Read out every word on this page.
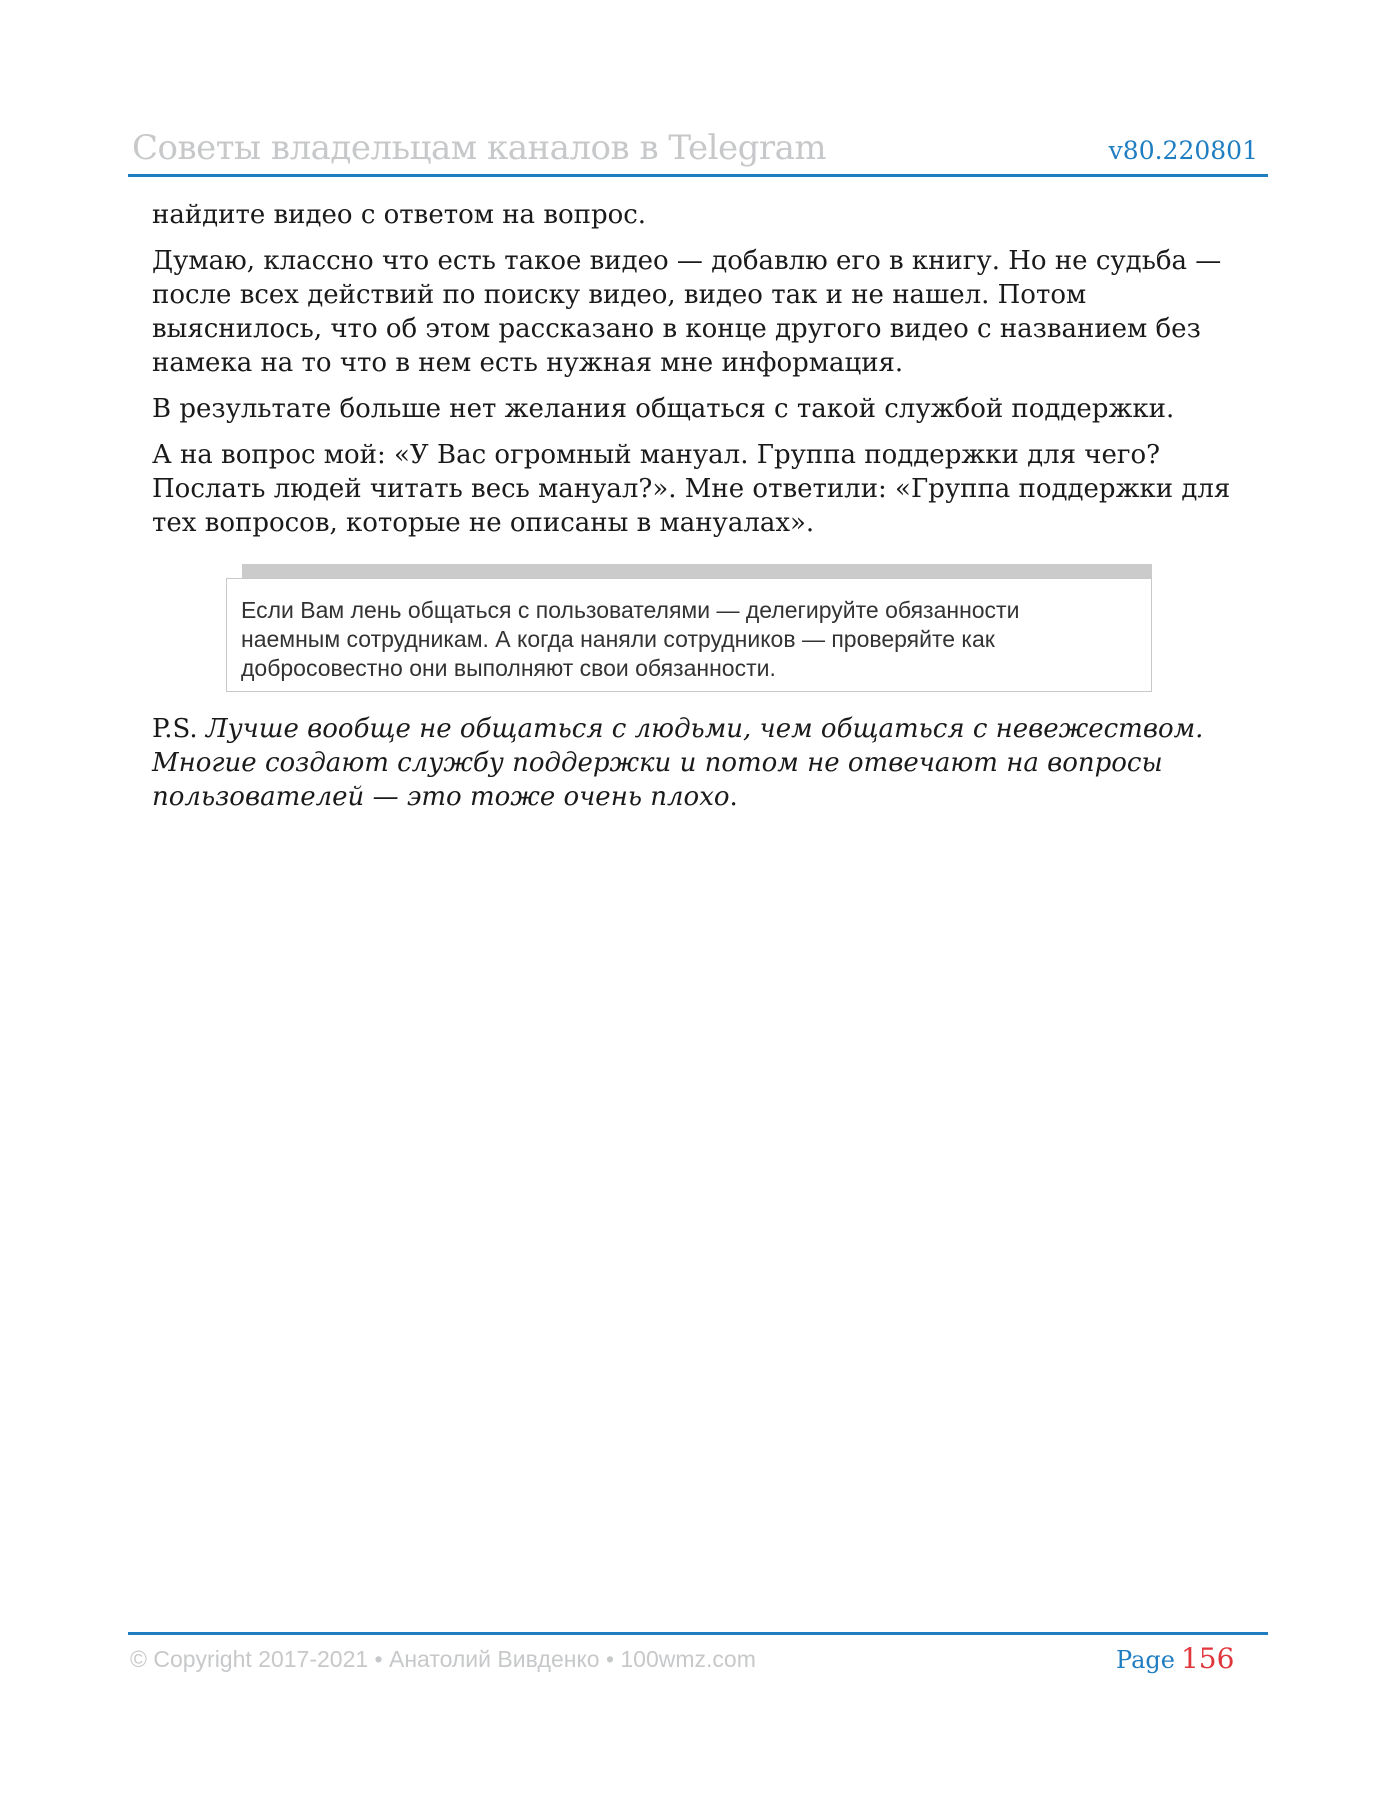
Советы владельцам каналов в Telegram	v80.220801

найдите видео с ответом на вопрос.

Думаю, классно что есть такое видео — добавлю его в книгу. Но не судьба —
после всех действий по поиску видео, видео так и не нашел. Потом
выяснилось, что об этом рассказано в конце другого видео с названием без
намека на то что в нем есть нужная мне информация.

В результате больше нет желания общаться с такой службой поддержки.

А на вопрос мой: «У Вас огромный мануал. Группа поддержки для чего?
Послать людей читать весь мануал?». Мне ответили: «Группа поддержки для
тех вопросов, которые не описаны в мануалах».

Если Вам лень общаться с пользователями — делегируйте обязанности
наемным сотрудникам. А когда наняли сотрудников — проверяйте как
добросовестно они выполняют свои обязанности.

P.S. Лучше вообще не общаться с людьми, чем общаться с невежеством.
Многие создают службу поддержки и потом не отвечают на вопросы
пользователей — это тоже очень плохо.

© Copyright 2017-2021 • Анатолий Вивденко • 100wmz.com	Page 156
